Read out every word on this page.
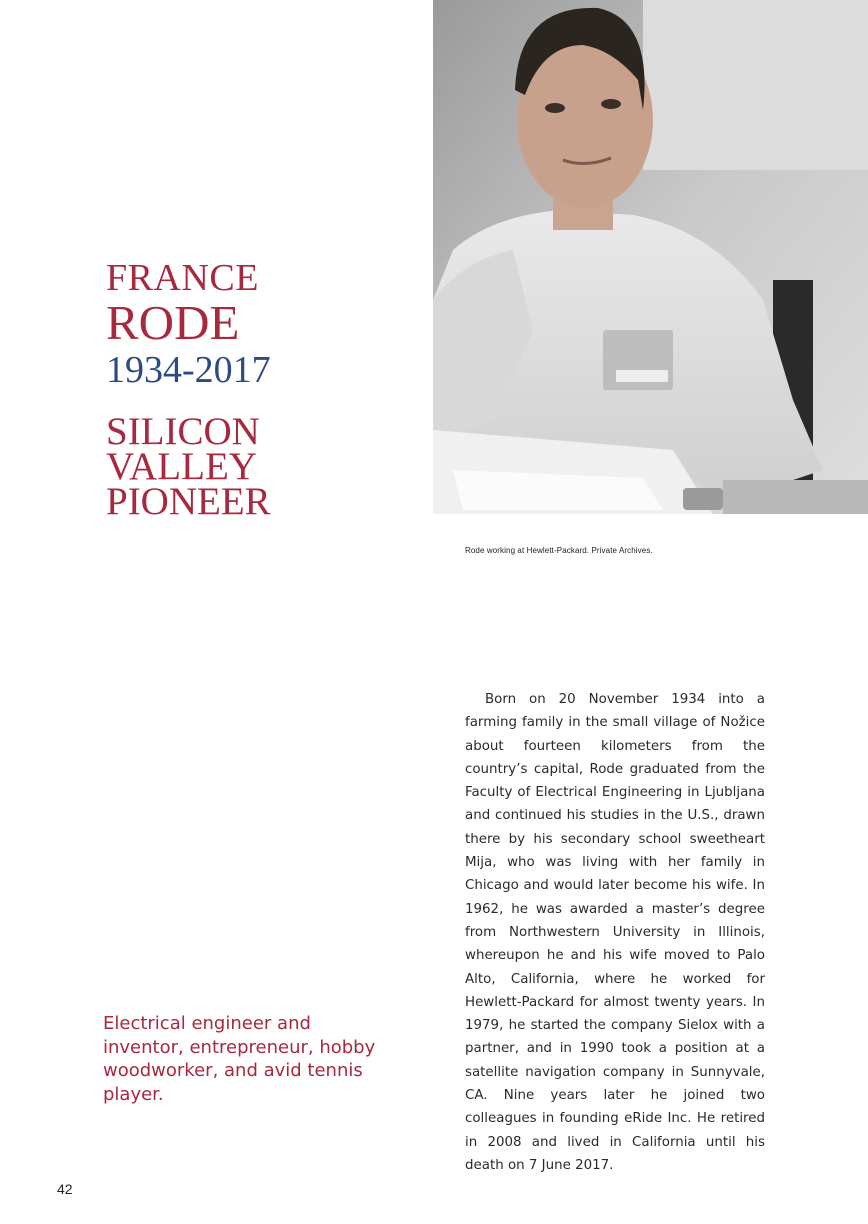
FRANCE
RODE
1934-2017
SILICON
VALLEY
PIONEER

Rode working at Hewlett-Packard. Private Archives.

Born on 20 November 1934 into a farming family in the small village of Nožice about fourteen kilometers from the country’s capital, Rode graduated from the Faculty of Electrical Engineering in Ljubljana and continued his studies in the U.S., drawn there by his secondary school sweetheart Mija, who was living with her family in Chicago and would later become his wife. In 1962, he was awarded a master’s degree from Northwestern University in Illinois, whereupon he and his wife moved to Palo Alto, California, where he worked for Hewlett-Packard for almost twenty years. In 1979, he started the company Sielox with a partner, and in 1990 took a position at a satellite navigation company in Sunnyvale, CA. Nine years later he joined two colleagues in founding eRide Inc. He retired in 2008 and lived in California until his death on 7 June 2017.

Electrical engineer and inventor, entrepreneur, hobby woodworker, and avid tennis player.

42
